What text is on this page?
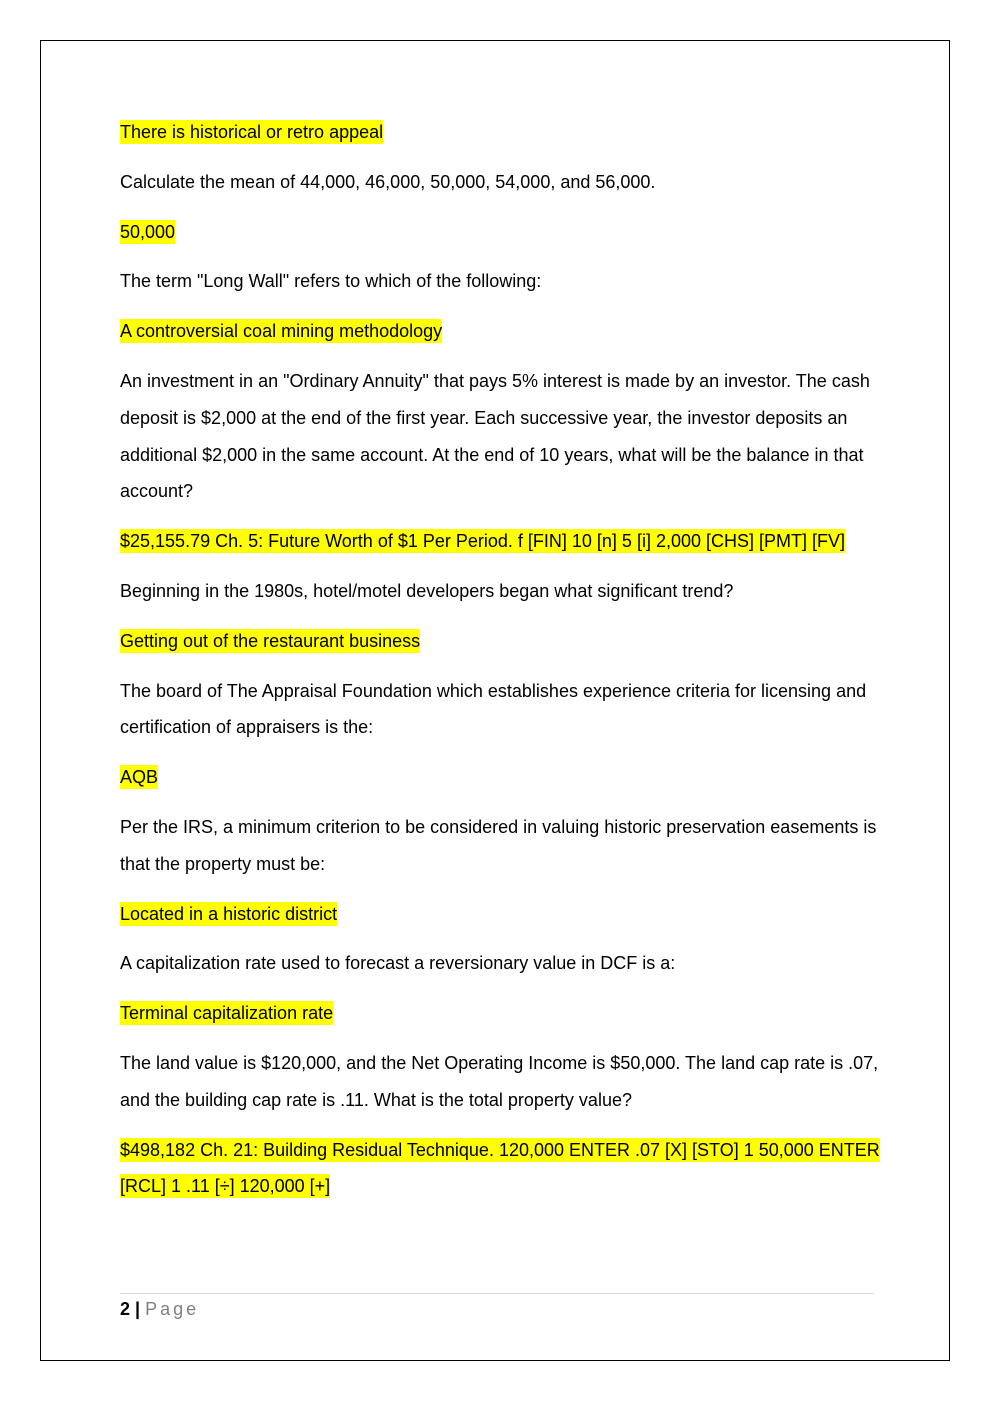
There is historical or retro appeal

Calculate the mean of 44,000, 46,000, 50,000, 54,000, and 56,000.

50,000

The term "Long Wall" refers to which of the following:

A controversial coal mining methodology

An investment in an "Ordinary Annuity" that pays 5% interest is made by an investor. The cash deposit is $2,000 at the end of the first year. Each successive year, the investor deposits an additional $2,000 in the same account. At the end of 10 years, what will be the balance in that account?

$25,155.79 Ch. 5: Future Worth of $1 Per Period. f [FIN] 10 [n] 5 [i] 2,000 [CHS] [PMT] [FV]

Beginning in the 1980s, hotel/motel developers began what significant trend?

Getting out of the restaurant business

The board of The Appraisal Foundation which establishes experience criteria for licensing and certification of appraisers is the:

AQB

Per the IRS, a minimum criterion to be considered in valuing historic preservation easements is that the property must be:

Located in a historic district

A capitalization rate used to forecast a reversionary value in DCF is a:

Terminal capitalization rate

The land value is $120,000, and the Net Operating Income is $50,000. The land cap rate is .07, and the building cap rate is .11. What is the total property value?

$498,182 Ch. 21: Building Residual Technique. 120,000 ENTER .07 [X] [STO] 1 50,000 ENTER [RCL] 1 .11 [÷] 120,000 [+]

2 | Page
